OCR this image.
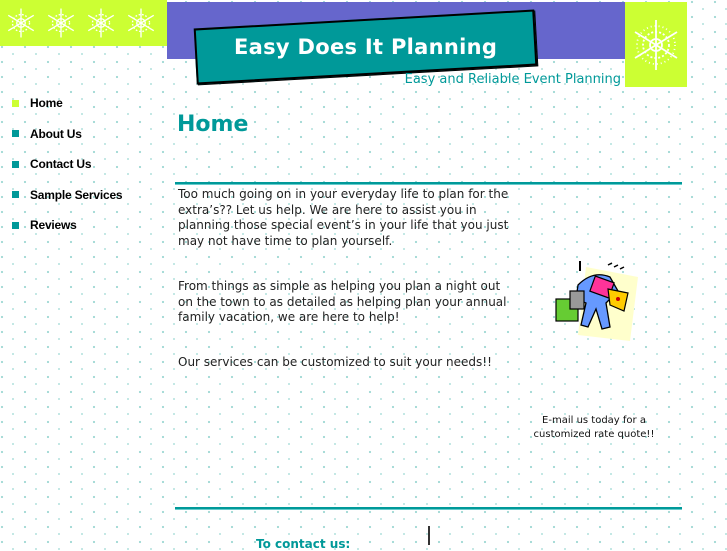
Easy Does It Planning
Easy and Reliable Event Planning
Home
About Us
Contact Us
Sample Services
Reviews
Home

Too much going on in your everyday life to plan for the extra’s?? Let us help. We are here to assist you in planning those special event’s in your life that you just may not have time to plan yourself.

From things as simple as helping you plan a night out on the town to as detailed as helping plan your annual family vacation, we are here to help!

Our services can be customized to suit your needs!!

E-mail us today for a
customized rate quote!!
To contact us:
